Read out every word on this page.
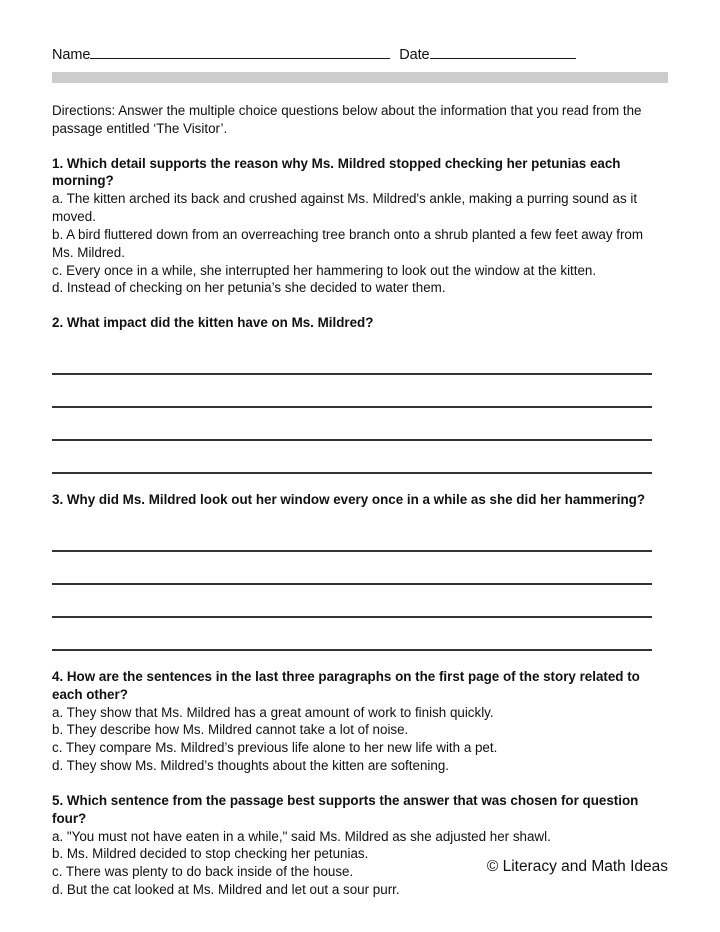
Name	Date
Directions: Answer the multiple choice questions below about the information that you read from the passage entitled ‘The Visitor’.
1. Which detail supports the reason why Ms. Mildred stopped checking her petunias each morning?
a. The kitten arched its back and crushed against Ms. Mildred's ankle, making a purring sound as it moved.
b. A bird fluttered down from an overreaching tree branch onto a shrub planted a few feet away from Ms. Mildred.
c. Every once in a while, she interrupted her hammering to look out the window at the kitten.
d. Instead of checking on her petunia’s she decided to water them.
2. What impact did the kitten have on Ms. Mildred?
3. Why did Ms. Mildred look out her window every once in a while as she did her hammering?
4. How are the sentences in the last three paragraphs on the first page of the story related to each other?
a. They show that Ms. Mildred has a great amount of work to finish quickly.
b. They describe how Ms. Mildred cannot take a lot of noise.
c. They compare Ms. Mildred’s previous life alone to her new life with a pet.
d. They show Ms. Mildred’s thoughts about the kitten are softening.
5. Which sentence from the passage best supports the answer that was chosen for question four?
a. "You must not have eaten in a while," said Ms. Mildred as she adjusted her shawl.
b. Ms. Mildred decided to stop checking her petunias.
c. There was plenty to do back inside of the house.
d. But the cat looked at Ms. Mildred and let out a sour purr.
© Literacy and Math Ideas
